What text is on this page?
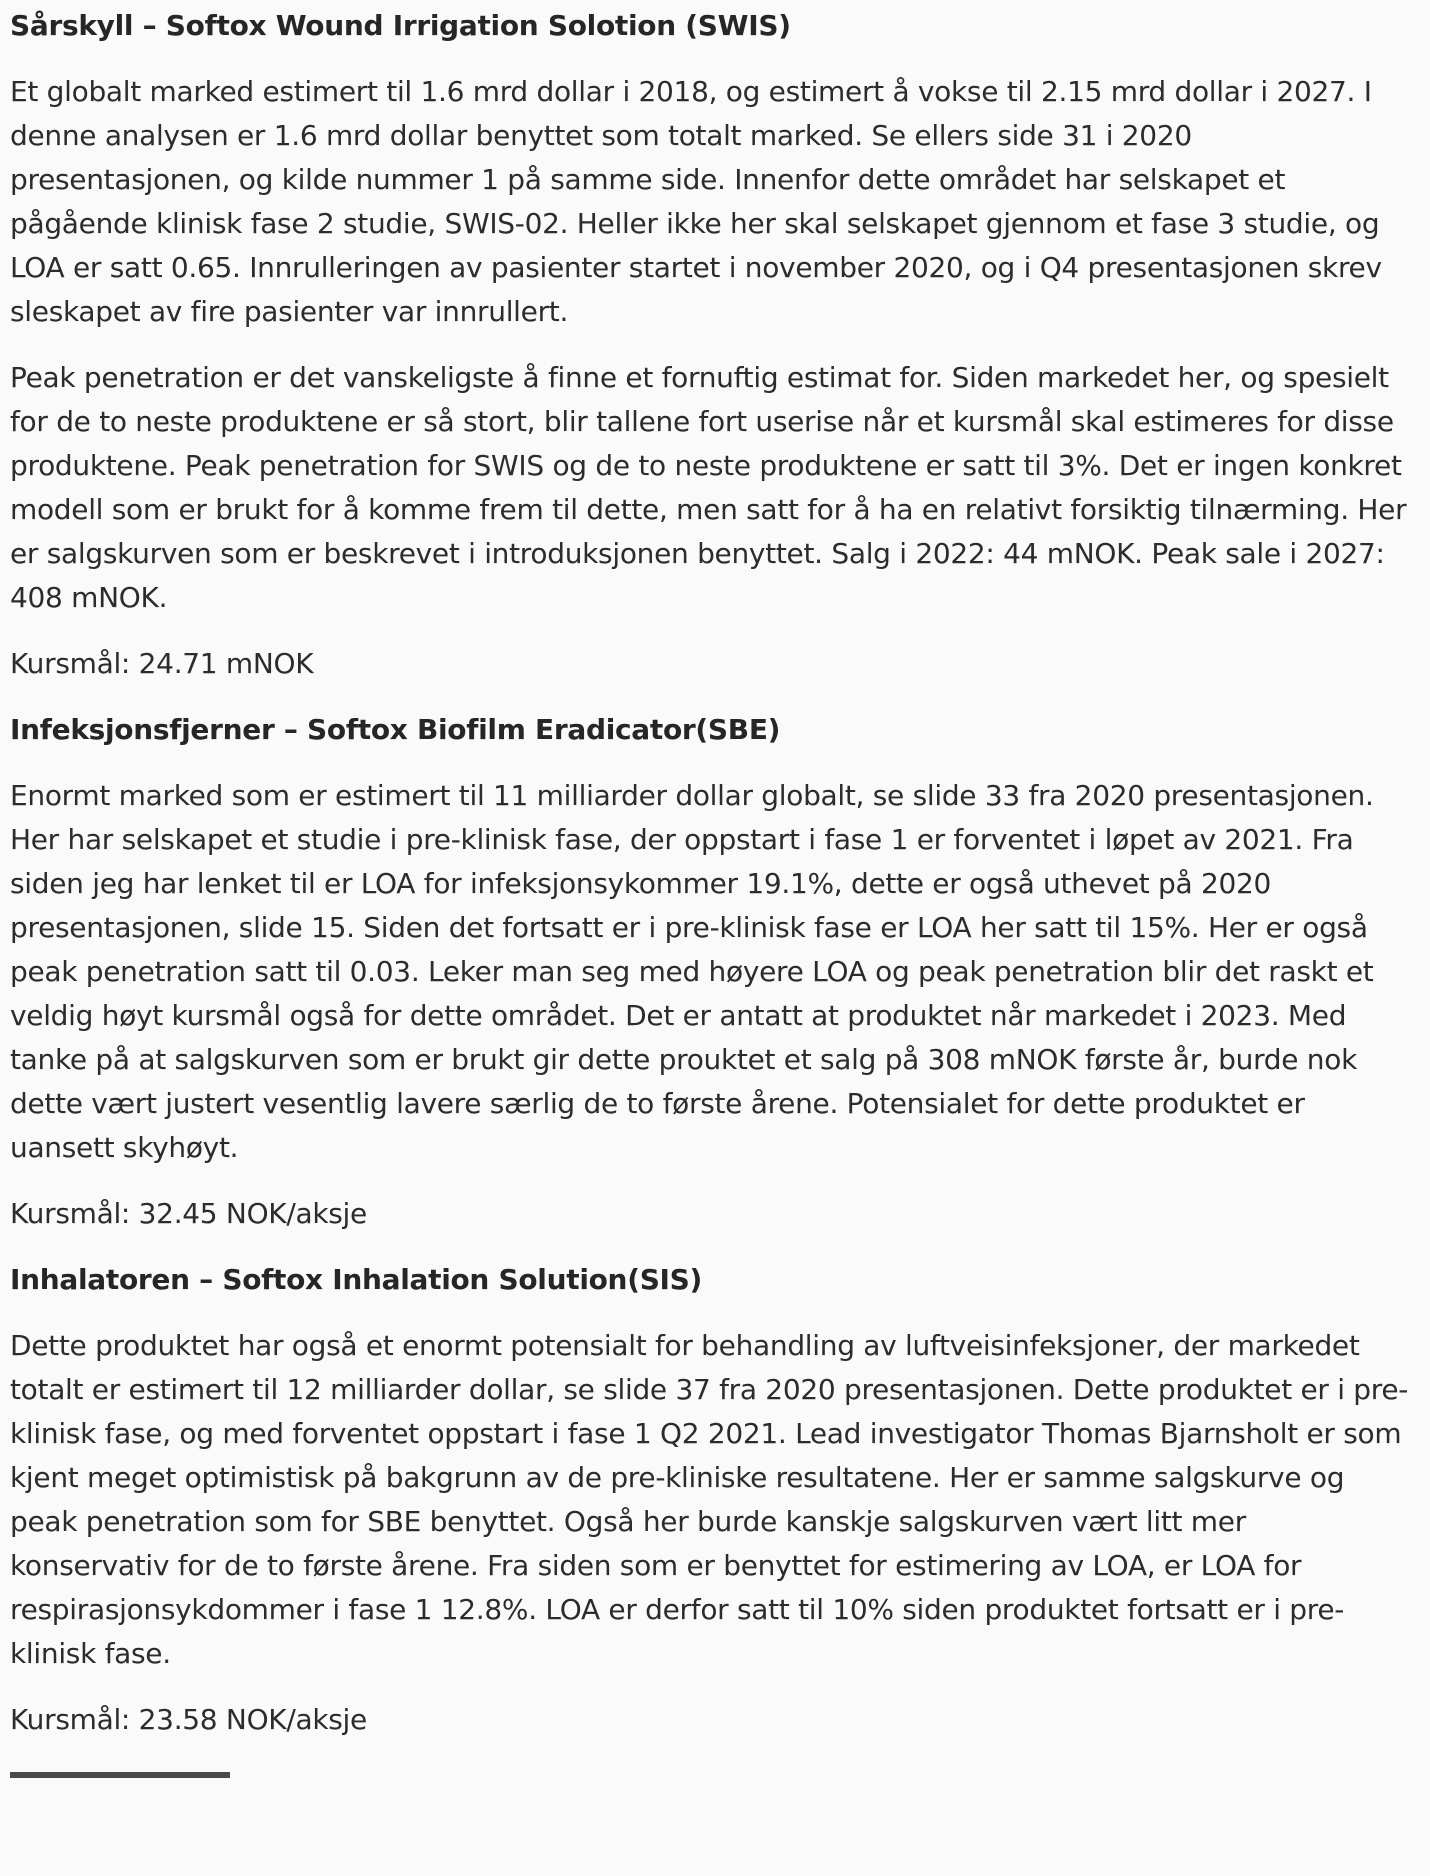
Sårskyll – Softox Wound Irrigation Solotion (SWIS)

Et globalt marked estimert til 1.6 mrd dollar i 2018, og estimert å vokse til 2.15 mrd dollar i 2027. I denne analysen er 1.6 mrd dollar benyttet som totalt marked. Se ellers side 31 i 2020 presentasjonen, og kilde nummer 1 på samme side. Innenfor dette området har selskapet et pågående klinisk fase 2 studie, SWIS-02. Heller ikke her skal selskapet gjennom et fase 3 studie, og LOA er satt 0.65. Innrulleringen av pasienter startet i november 2020, og i Q4 presentasjonen skrev sleskapet av fire pasienter var innrullert.

Peak penetration er det vanskeligste å finne et fornuftig estimat for. Siden markedet her, og spesielt for de to neste produktene er så stort, blir tallene fort userise når et kursmål skal estimeres for disse produktene. Peak penetration for SWIS og de to neste produktene er satt til 3%. Det er ingen konkret modell som er brukt for å komme frem til dette, men satt for å ha en relativt forsiktig tilnærming. Her er salgskurven som er beskrevet i introduksjonen benyttet. Salg i 2022: 44 mNOK. Peak sale i 2027: 408 mNOK.

Kursmål: 24.71 mNOK

Infeksjonsfjerner – Softox Biofilm Eradicator(SBE)

Enormt marked som er estimert til 11 milliarder dollar globalt, se slide 33 fra 2020 presentasjonen. Her har selskapet et studie i pre-klinisk fase, der oppstart i fase 1 er forventet i løpet av 2021. Fra siden jeg har lenket til er LOA for infeksjonsykommer 19.1%, dette er også uthevet på 2020 presentasjonen, slide 15. Siden det fortsatt er i pre-klinisk fase er LOA her satt til 15%. Her er også peak penetration satt til 0.03. Leker man seg med høyere LOA og peak penetration blir det raskt et veldig høyt kursmål også for dette området. Det er antatt at produktet når markedet i 2023. Med tanke på at salgskurven som er brukt gir dette prouktet et salg på 308 mNOK første år, burde nok dette vært justert vesentlig lavere særlig de to første årene. Potensialet for dette produktet er uansett skyhøyt.

Kursmål: 32.45 NOK/aksje

Inhalatoren – Softox Inhalation Solution(SIS)

Dette produktet har også et enormt potensialt for behandling av luftveisinfeksjoner, der markedet totalt er estimert til 12 milliarder dollar, se slide 37 fra 2020 presentasjonen. Dette produktet er i pre-klinisk fase, og med forventet oppstart i fase 1 Q2 2021. Lead investigator Thomas Bjarnsholt er som kjent meget optimistisk på bakgrunn av de pre-kliniske resultatene. Her er samme salgskurve og peak penetration som for SBE benyttet. Også her burde kanskje salgskurven vært litt mer konservativ for de to første årene. Fra siden som er benyttet for estimering av LOA, er LOA for respirasjonsykdommer i fase 1 12.8%. LOA er derfor satt til 10% siden produktet fortsatt er i pre-klinisk fase.

Kursmål: 23.58 NOK/aksje
